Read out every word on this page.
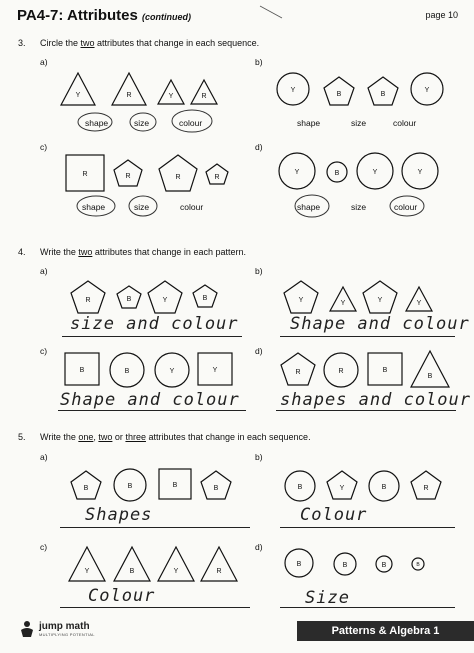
PA4-7: Attributes (continued)	page 10
3. Circle the two attributes that change in each sequence.
a)	b)
Y	R	Y	R
shape	size	colour
Y
B	B
Y
shape	size	colour
c)	d)
R	R	R	R
shape	size	colour
Y	B	Y	Y
shape	size	colour
4. Write the two attributes that change in each pattern.
a)	b)
R	B	Y	B
size and colour
Y	Y	Y	Y
Shape and colour
c)	d)
B	B	Y	Y
Shape and colour
R	R	B
B
shapes and colour
5. Write the one, two or three attributes that change in each sequence.
a)	b)
B	B	B	B
Shapes
B	Y	B	R
Colour
c)	d)
Y	B	Y	R
Colour
B	B	B	B
Size
jump math
MULTIPLYING POTENTIAL	Patterns & Algebra 1
